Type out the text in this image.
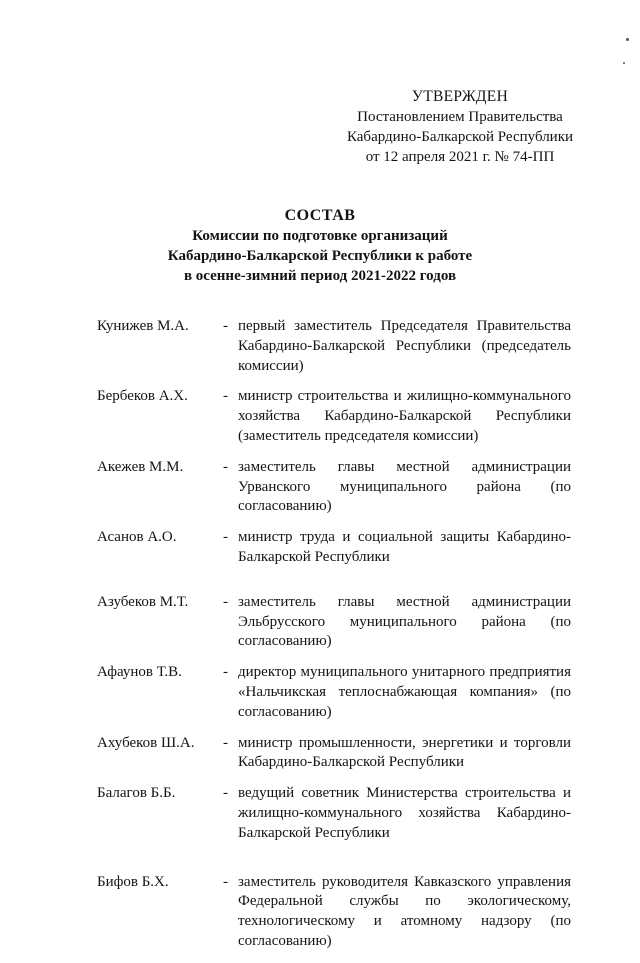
УТВЕРЖДЕН
Постановлением Правительства
Кабардино-Балкарской Республики
от 12 апреля 2021 г. № 74-ПП
СОСТАВ
Комиссии по подготовке организаций
Кабардино-Балкарской Республики к работе
в осенне-зимний период 2021-2022 годов
Кунижев М.А.	- первый заместитель Председателя Правительства Кабардино-Балкарской Республики (председатель комиссии)
Бербеков А.Х.	- министр строительства и жилищно-коммунального хозяйства Кабардино-Балкарской Республики (заместитель председателя комиссии)
Акежев М.М.	- заместитель главы местной администрации Урванского муниципального района (по согласованию)
Асанов А.О.	- министр труда и социальной защиты Кабардино-Балкарской Республики
Азубеков М.Т.	- заместитель главы местной администрации Эльбрусского муниципального района (по согласованию)
Афаунов Т.В.	- директор муниципального унитарного предприятия «Нальчикская теплоснабжающая компания» (по согласованию)
Ахубеков Ш.А.	- министр промышленности, энергетики и торговли Кабардино-Балкарской Республики
Балагов Б.Б.	- ведущий советник Министерства строительства и жилищно-коммунального хозяйства Кабардино-Балкарской Республики
Бифов Б.Х.	- заместитель руководителя Кавказского управления Федеральной службы по экологическому, технологическому и атомному надзору (по согласованию)
